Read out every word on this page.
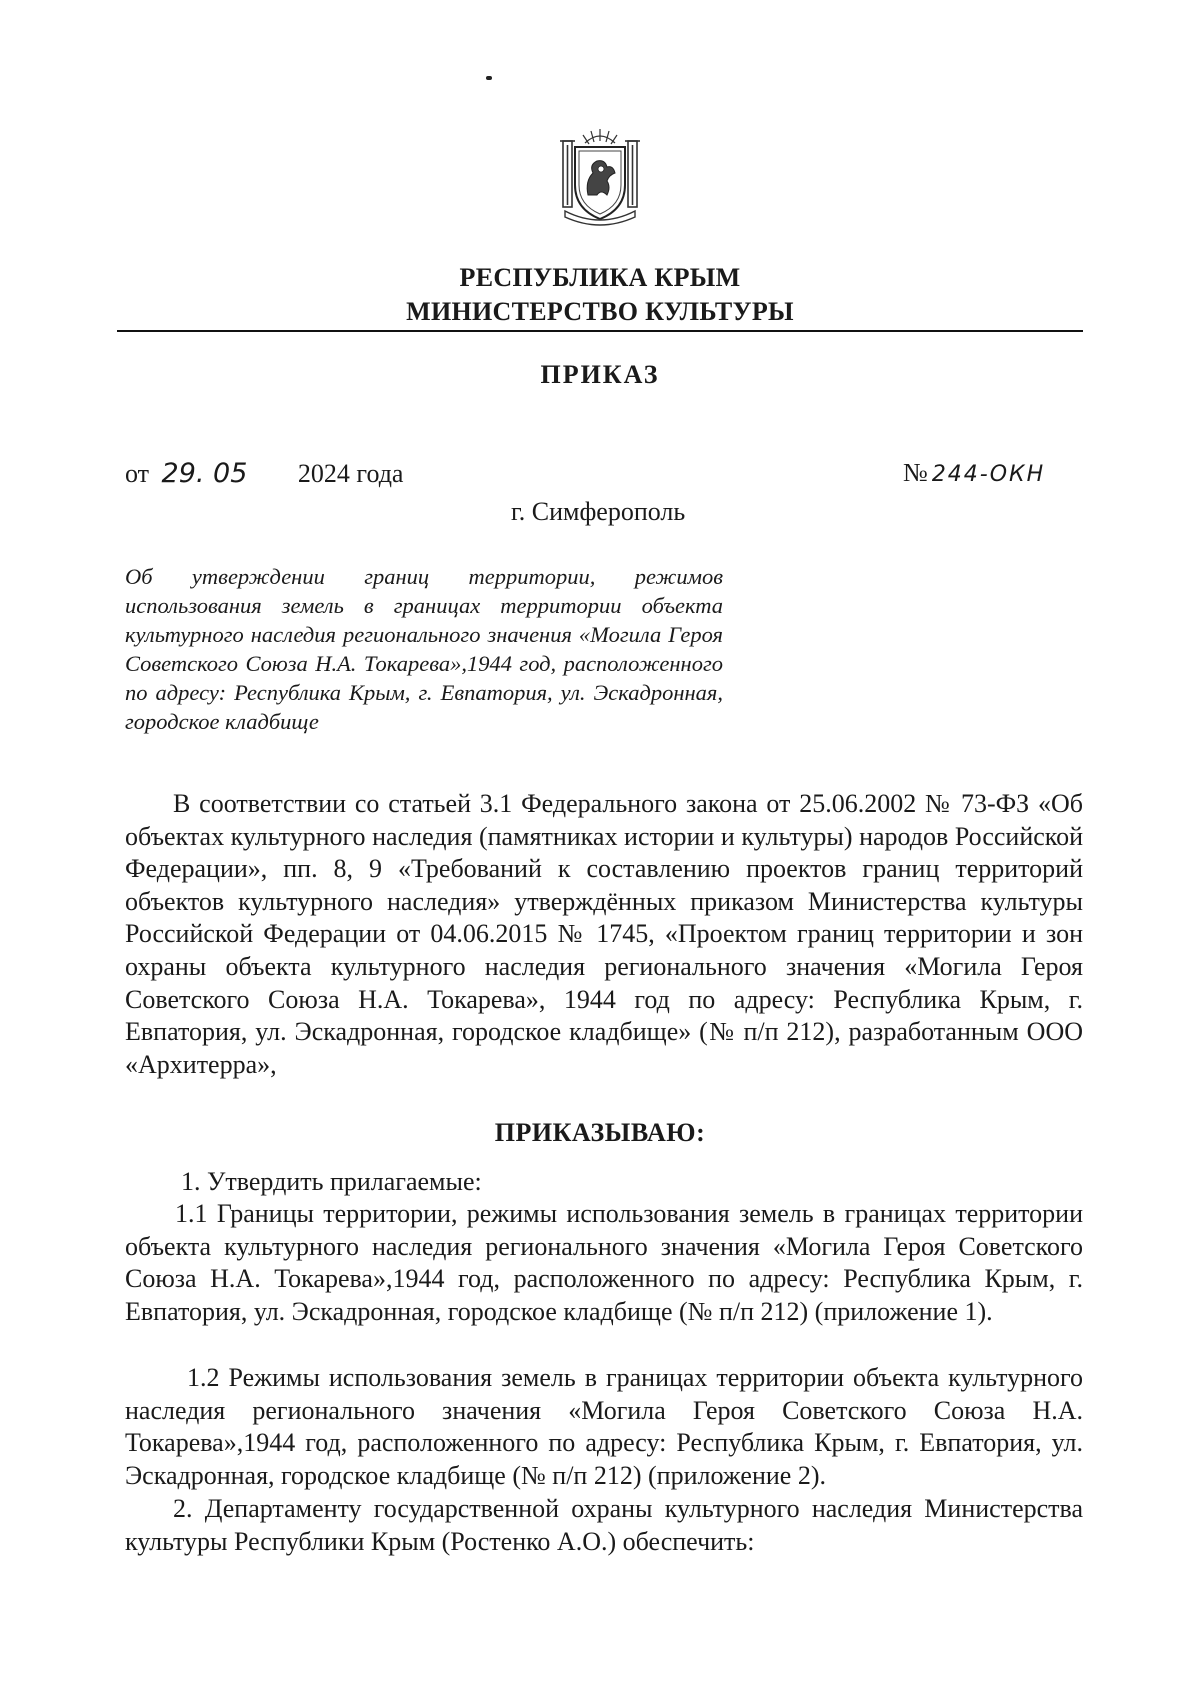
РЕСПУБЛИКА КРЫМ
МИНИСТЕРСТВО КУЛЬТУРЫ
ПРИКАЗ
от 29. 05 2024 года	№ 244-ОКН
г. Симферополь
Об утверждении границ территории, режимов использования земель в границах территории объекта культурного наследия регионального значения «Могила Героя Советского Союза Н.А. Токарева»,1944 год, расположенного по адресу: Республика Крым, г. Евпатория, ул. Эскадронная, городское кладбище
В соответствии со статьей 3.1 Федерального закона от 25.06.2002 № 73-ФЗ «Об объектах культурного наследия (памятниках истории и культуры) народов Российской Федерации», пп. 8, 9 «Требований к составлению проектов границ территорий объектов культурного наследия» утверждённых приказом Министерства культуры Российской Федерации от 04.06.2015 № 1745, «Проектом границ территории и зон охраны объекта культурного наследия регионального значения «Могила Героя Советского Союза Н.А. Токарева», 1944 год по адресу: Республика Крым, г. Евпатория, ул. Эскадронная, городское кладбище» (№ п/п 212), разработанным ООО «Архитерра»,
ПРИКАЗЫВАЮ:
1. Утвердить прилагаемые:
1.1 Границы территории, режимы использования земель в границах территории объекта культурного наследия регионального значения «Могила Героя Советского Союза Н.А. Токарева»,1944 год, расположенного по адресу: Республика Крым, г. Евпатория, ул. Эскадронная, городское кладбище (№ п/п 212) (приложение 1).
1.2 Режимы использования земель в границах территории объекта культурного наследия регионального значения «Могила Героя Советского Союза Н.А. Токарева»,1944 год, расположенного по адресу: Республика Крым, г. Евпатория, ул. Эскадронная, городское кладбище (№ п/п 212) (приложение 2).
2. Департаменту государственной охраны культурного наследия Министерства культуры Республики Крым (Ростенко А.О.) обеспечить:
